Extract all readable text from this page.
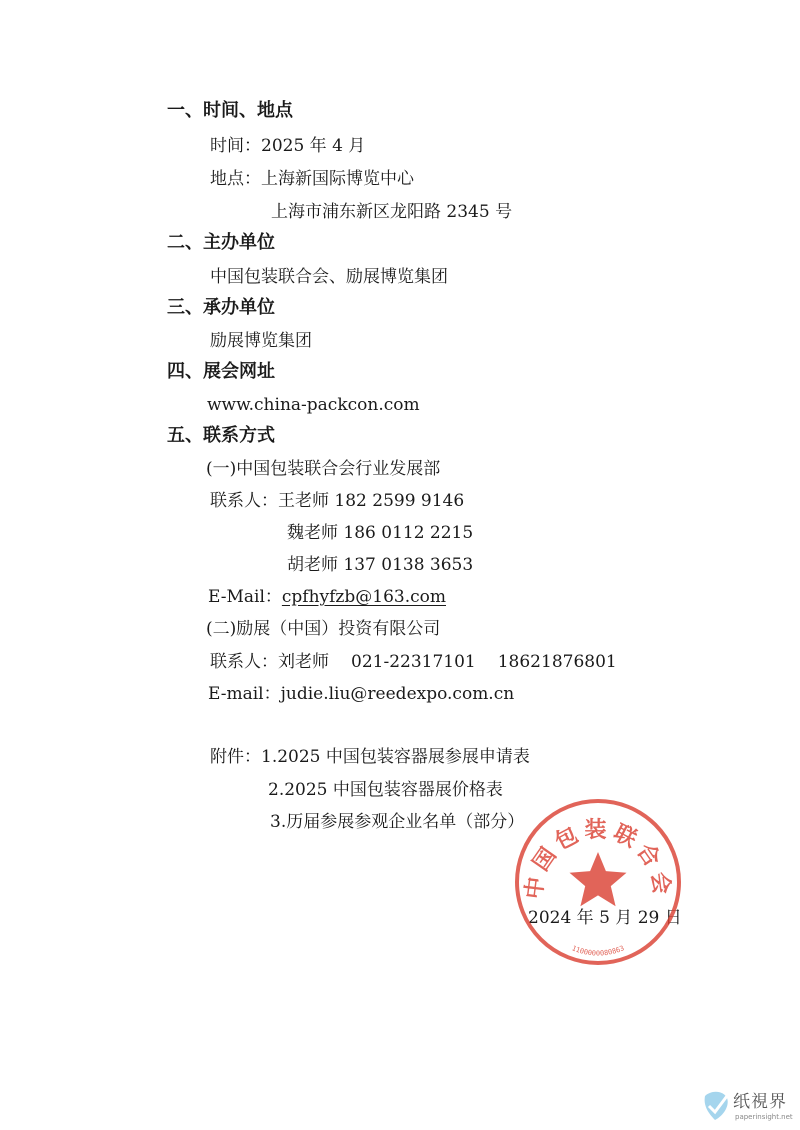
一、时间、地点
时间：2025 年 4 月
地点：上海新国际博览中心
上海市浦东新区龙阳路 2345 号
二、主办单位
中国包装联合会、励展博览集团
三、承办单位
励展博览集团
四、展会网址
www.china-packcon.com
五、联系方式
(一)中国包装联合会行业发展部
联系人：王老师 182 2599 9146
魏老师 186 0112 2215
胡老师 137 0138 3653
E-Mail：cpfhyfzb@163.com
(二)励展（中国）投资有限公司
联系人：刘老师 021-22317101 18621876801
E-mail：judie.liu@reedexpo.com.cn
附件：1.2025 中国包装容器展参展申请表
2.2025 中国包装容器展价格表
3.历届参展参观企业名单（部分）
2024 年 5 月 29 日
中国包装联合会
1100000080863
纸視界
paperinsight.net
